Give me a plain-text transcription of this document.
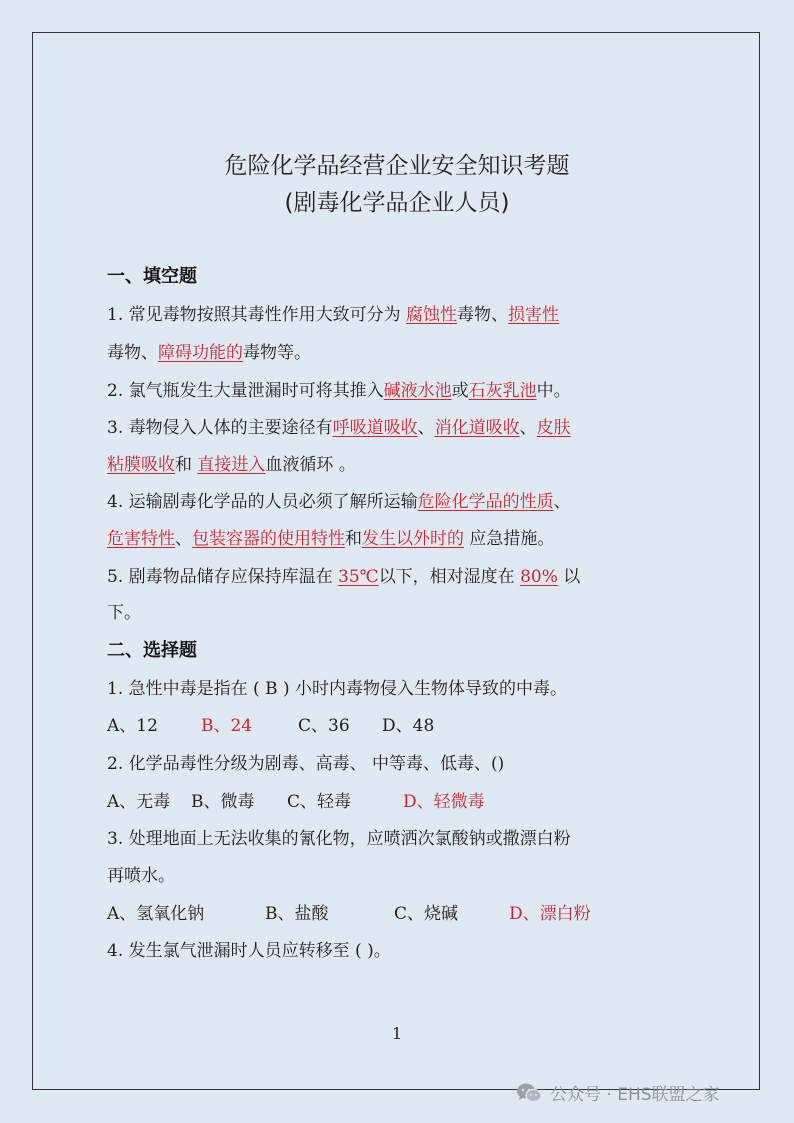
危险化学品经营企业安全知识考题
(剧毒化学品企业人员)
一、填空题
1. 常见毒物按照其毒性作用大致可分为 腐蚀性毒物、损害性
毒物、障碍功能的毒物等。
2. 氯气瓶发生大量泄漏时可将其推入碱液水池或石灰乳池中。
3. 毒物侵入人体的主要途径有呼吸道吸收、消化道吸收、皮肤
粘膜吸收和 直接进入血液循环 。
4. 运输剧毒化学品的人员必须了解所运输危险化学品的性质、
危害特性、包装容器的使用特性和发生以外时的 应急措施。
5. 剧毒物品储存应保持库温在 35℃以下，相对湿度在 80% 以
下。
二、选择题
1. 急性中毒是指在 ( B ) 小时内毒物侵入生物体导致的中毒。
A、12	B、24	C、36 D、48
2. 化学品毒性分级为剧毒、高毒、 中等毒、低毒、()
A、无毒 B、微毒 C、轻毒	D、轻微毒
3. 处理地面上无法收集的氰化物，应喷洒次氯酸钠或撒漂白粉
再喷水。
A、氢氧化钠	B、盐酸	C、烧碱	D、漂白粉
4. 发生氯气泄漏时人员应转移至 ( )。
1
公众号 · EHS联盟之家
